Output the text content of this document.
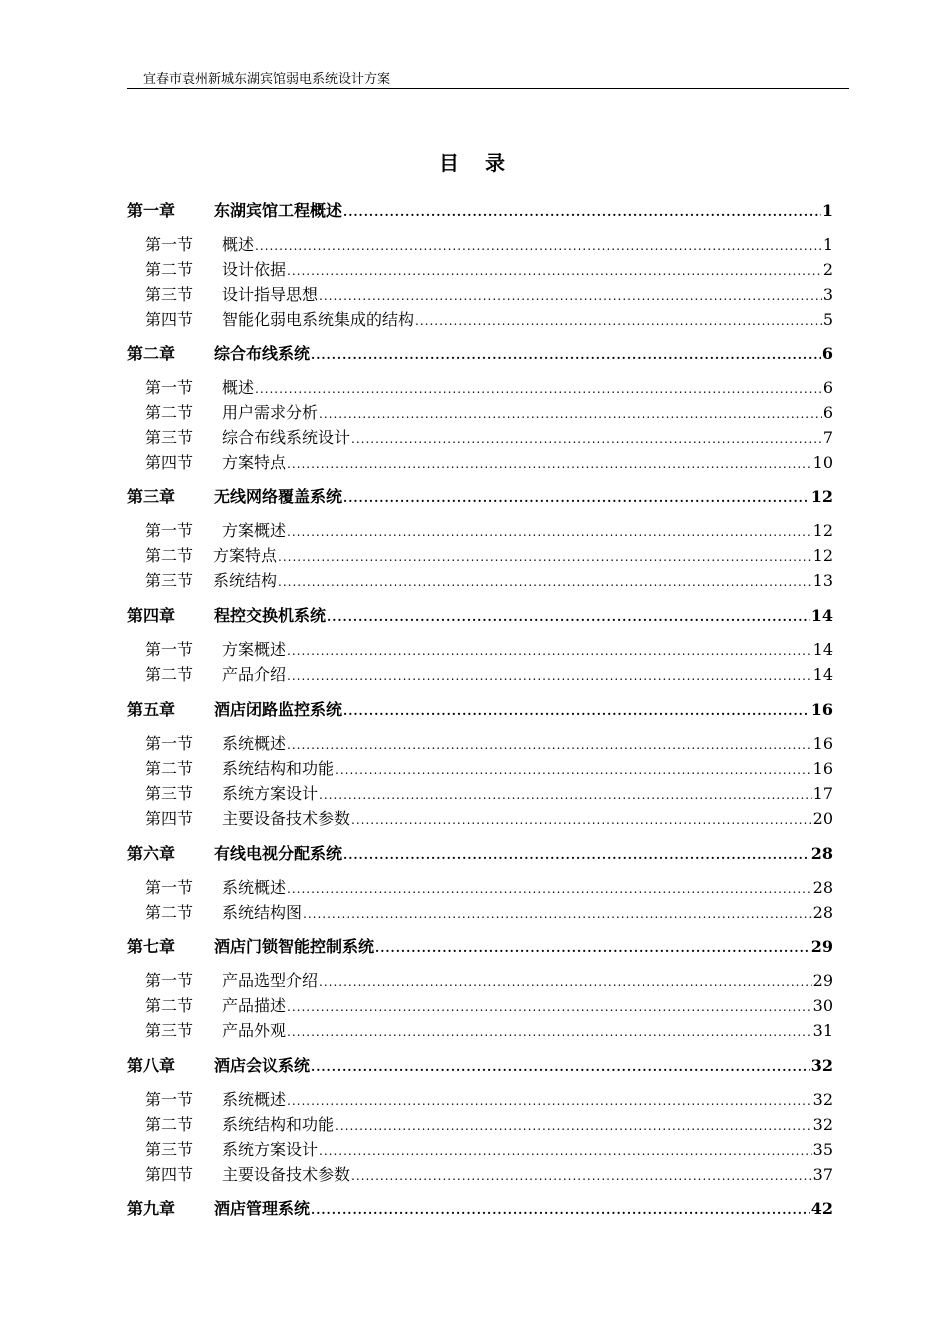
宜春市袁州新城东湖宾馆弱电系统设计方案
目 录
第一章	东湖宾馆工程概述 .....	1
第一节	概述 .....	1
第二节	设计依据 .....	2
第三节	设计指导思想 .....	3
第四节	智能化弱电系统集成的结构 .....	5
第二章	综合布线系统 .....	6
第一节	概述 .....	6
第二节	用户需求分析 .....	6
第三节	综合布线系统设计 .....	7
第四节	方案特点 .....	10
第三章	无线网络覆盖系统 .....	12
第一节	方案概述 .....	12
第二节	方案特点 .....	12
第三节	系统结构 .....	13
第四章	程控交换机系统 .....	14
第一节	方案概述 .....	14
第二节	产品介绍 .....	14
第五章	酒店闭路监控系统 .....	16
第一节	系统概述 .....	16
第二节	系统结构和功能 .....	16
第三节	系统方案设计 .....	17
第四节	主要设备技术参数 .....	20
第六章	有线电视分配系统 .....	28
第一节	系统概述 .....	28
第二节	系统结构图 .....	28
第七章	酒店门锁智能控制系统 .....	29
第一节	产品选型介绍 .....	29
第二节	产品描述 .....	30
第三节	产品外观 .....	31
第八章	酒店会议系统 .....	32
第一节	系统概述 .....	32
第二节	系统结构和功能 .....	32
第三节	系统方案设计 .....	35
第四节	主要设备技术参数 .....	37
第九章	酒店管理系统 .....	42
